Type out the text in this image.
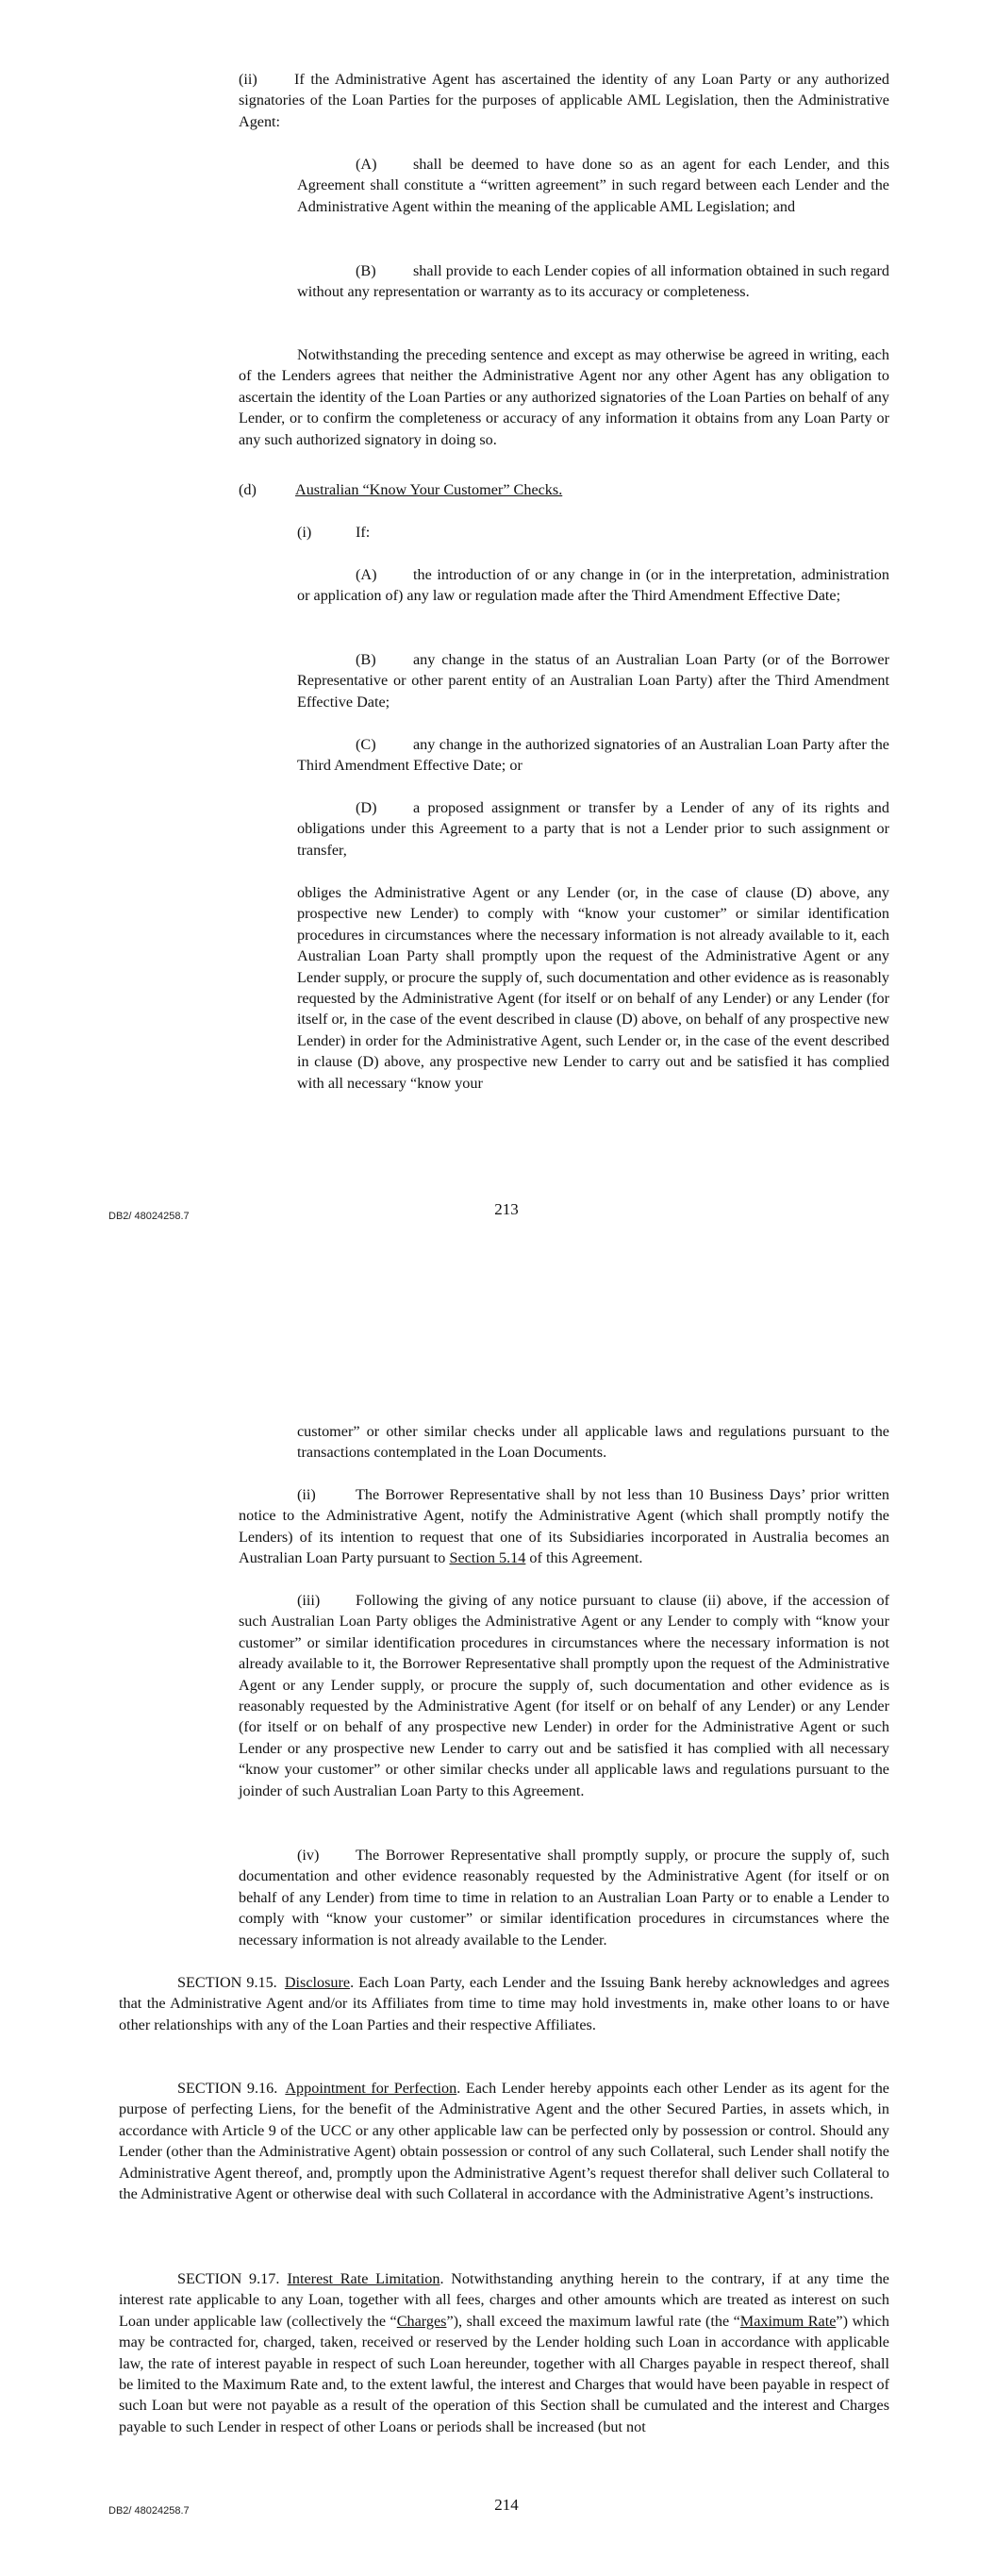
(ii) If the Administrative Agent has ascertained the identity of any Loan Party or any authorized signatories of the Loan Parties for the purposes of applicable AML Legislation, then the Administrative Agent:

(A) shall be deemed to have done so as an agent for each Lender, and this Agreement shall constitute a “written agreement” in such regard between each Lender and the Administrative Agent within the meaning of the applicable AML Legislation; and

(B) shall provide to each Lender copies of all information obtained in such regard without any representation or warranty as to its accuracy or completeness.

Notwithstanding the preceding sentence and except as may otherwise be agreed in writing, each of the Lenders agrees that neither the Administrative Agent nor any other Agent has any obligation to ascertain the identity of the Loan Parties or any authorized signatories of the Loan Parties on behalf of any Lender, or to confirm the completeness or accuracy of any information it obtains from any Loan Party or any such authorized signatory in doing so.

(d)	Australian “Know Your Customer” Checks.

(i)	If:

(A) the introduction of or any change in (or in the interpretation, administration or application of) any law or regulation made after the Third Amendment Effective Date;

(B) any change in the status of an Australian Loan Party (or of the Borrower Representative or other parent entity of an Australian Loan Party) after the Third Amendment Effective Date;

(C) any change in the authorized signatories of an Australian Loan Party after the Third Amendment Effective Date; or

(D) a proposed assignment or transfer by a Lender of any of its rights and obligations under this Agreement to a party that is not a Lender prior to such assignment or transfer,

obliges the Administrative Agent or any Lender (or, in the case of clause (D) above, any prospective new Lender) to comply with “know your customer” or similar identification procedures in circumstances where the necessary information is not already available to it, each Australian Loan Party shall promptly upon the request of the Administrative Agent or any Lender supply, or procure the supply of, such documentation and other evidence as is reasonably requested by the Administrative Agent (for itself or on behalf of any Lender) or any Lender (for itself or, in the case of the event described in clause (D) above, on behalf of any prospective new Lender) in order for the Administrative Agent, such Lender or, in the case of the event described in clause (D) above, any prospective new Lender to carry out and be satisfied it has complied with all necessary “know your

DB2/ 48024258.7	213

customer” or other similar checks under all applicable laws and regulations pursuant to the transactions contemplated in the Loan Documents.

(ii)	The Borrower Representative shall by not less than 10 Business Days’ prior written notice to the Administrative Agent, notify the Administrative Agent (which shall promptly notify the Lenders) of its intention to request that one of its Subsidiaries incorporated in Australia becomes an Australian Loan Party pursuant to Section 5.14 of this Agreement.

(iii) Following the giving of any notice pursuant to clause (ii) above, if the accession of such Australian Loan Party obliges the Administrative Agent or any Lender to comply with “know your customer” or similar identification procedures in circumstances where the necessary information is not already available to it, the Borrower Representative shall promptly upon the request of the Administrative Agent or any Lender supply, or procure the supply of, such documentation and other evidence as is reasonably requested by the Administrative Agent (for itself or on behalf of any Lender) or any Lender (for itself or on behalf of any prospective new Lender) in order for the Administrative Agent or such Lender or any prospective new Lender to carry out and be satisfied it has complied with all necessary “know your customer” or other similar checks under all applicable laws and regulations pursuant to the joinder of such Australian Loan Party to this Agreement.

(iv) The Borrower Representative shall promptly supply, or procure the supply of, such documentation and other evidence reasonably requested by the Administrative Agent (for itself or on behalf of any Lender) from time to time in relation to an Australian Loan Party or to enable a Lender to comply with “know your customer” or similar identification procedures in circumstances where the necessary information is not already available to the Lender.

SECTION 9.15.  Disclosure. Each Loan Party, each Lender and the Issuing Bank hereby acknowledges and agrees that the Administrative Agent and/or its Affiliates from time to time may hold investments in, make other loans to or have other relationships with any of the Loan Parties and their respective Affiliates.

SECTION 9.16.  Appointment for Perfection. Each Lender hereby appoints each other Lender as its agent for the purpose of perfecting Liens, for the benefit of the Administrative Agent and the other Secured Parties, in assets which, in accordance with Article 9 of the UCC or any other applicable law can be perfected only by possession or control. Should any Lender (other than the Administrative Agent) obtain possession or control of any such Collateral, such Lender shall notify the Administrative Agent thereof, and, promptly upon the Administrative Agent’s request therefor shall deliver such Collateral to the Administrative Agent or otherwise deal with such Collateral in accordance with the Administrative Agent’s instructions.

SECTION 9.17.  Interest Rate Limitation. Notwithstanding anything herein to the contrary, if at any time the interest rate applicable to any Loan, together with all fees, charges and other amounts which are treated as interest on such Loan under applicable law (collectively the “Charges”), shall exceed the maximum lawful rate (the “Maximum Rate”) which may be contracted for, charged, taken, received or reserved by the Lender holding such Loan in accordance with applicable law, the rate of interest payable in respect of such Loan hereunder, together with all Charges payable in respect thereof, shall be limited to the Maximum Rate and, to the extent lawful, the interest and Charges that would have been payable in respect of such Loan but were not payable as a result of the operation of this Section shall be cumulated and the interest and Charges payable to such Lender in respect of other Loans or periods shall be increased (but not

DB2/ 48024258.7	214
